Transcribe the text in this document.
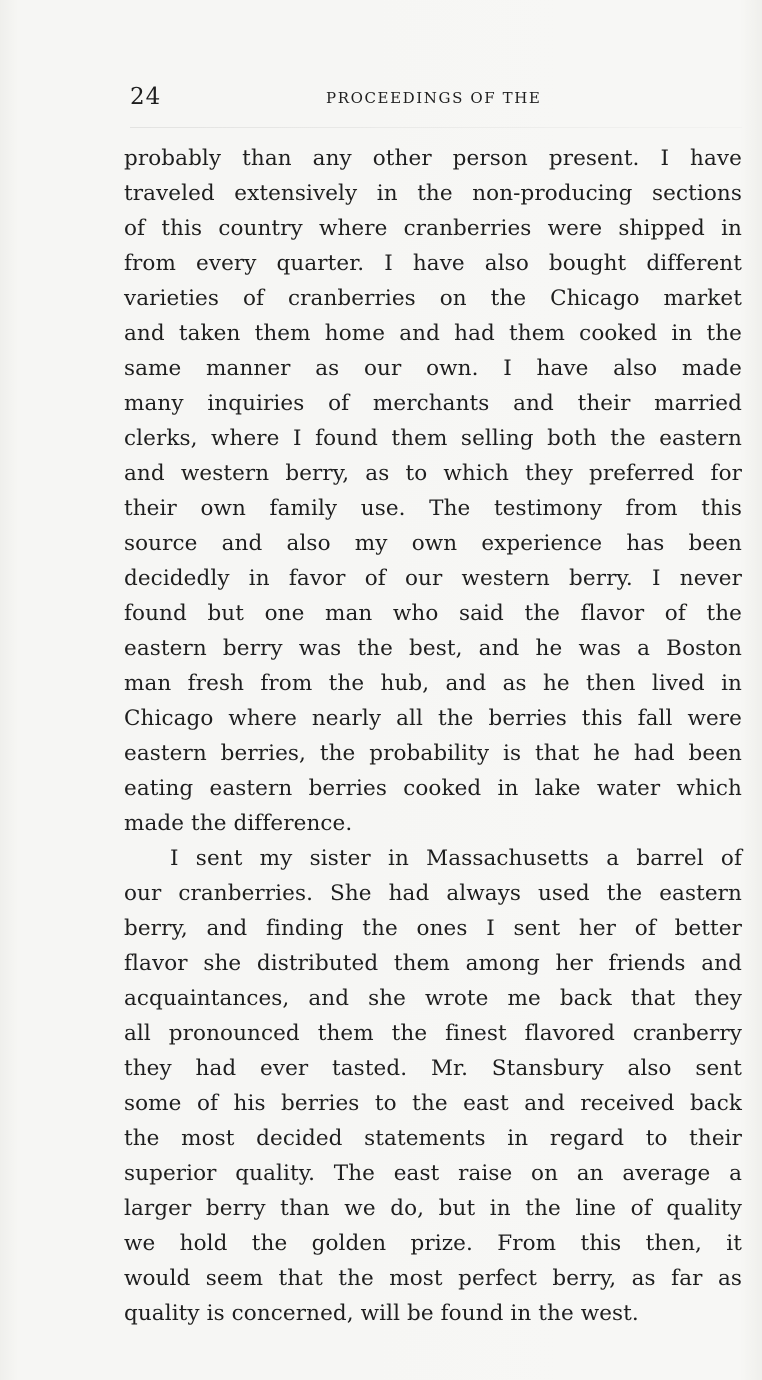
24	PROCEEDINGS OF THE
probably than any other person present. I have
traveled extensively in the non-producing sections
of this country where cranberries were shipped in
from every quarter. I have also bought different
varieties of cranberries on the Chicago market
and taken them home and had them cooked in the
same manner as our own. I have also made
many inquiries of merchants and their married
clerks, where I found them selling both the eastern
and western berry, as to which they preferred for
their own family use. The testimony from this
source and also my own experience has been
decidedly in favor of our western berry. I never
found but one man who said the flavor of the
eastern berry was the best, and he was a Boston
man fresh from the hub, and as he then lived in
Chicago where nearly all the berries this fall were
eastern berries, the probability is that he had been
eating eastern berries cooked in lake water which
made the difference.
I sent my sister in Massachusetts a barrel of
our cranberries. She had always used the eastern
berry, and finding the ones I sent her of better
flavor she distributed them among her friends and
acquaintances, and she wrote me back that they
all pronounced them the finest flavored cranberry
they had ever tasted. Mr. Stansbury also sent
some of his berries to the east and received back
the most decided statements in regard to their
superior quality. The east raise on an average a
larger berry than we do, but in the line of quality
we hold the golden prize. From this then, it
would seem that the most perfect berry, as far as
quality is concerned, will be found in the west.
